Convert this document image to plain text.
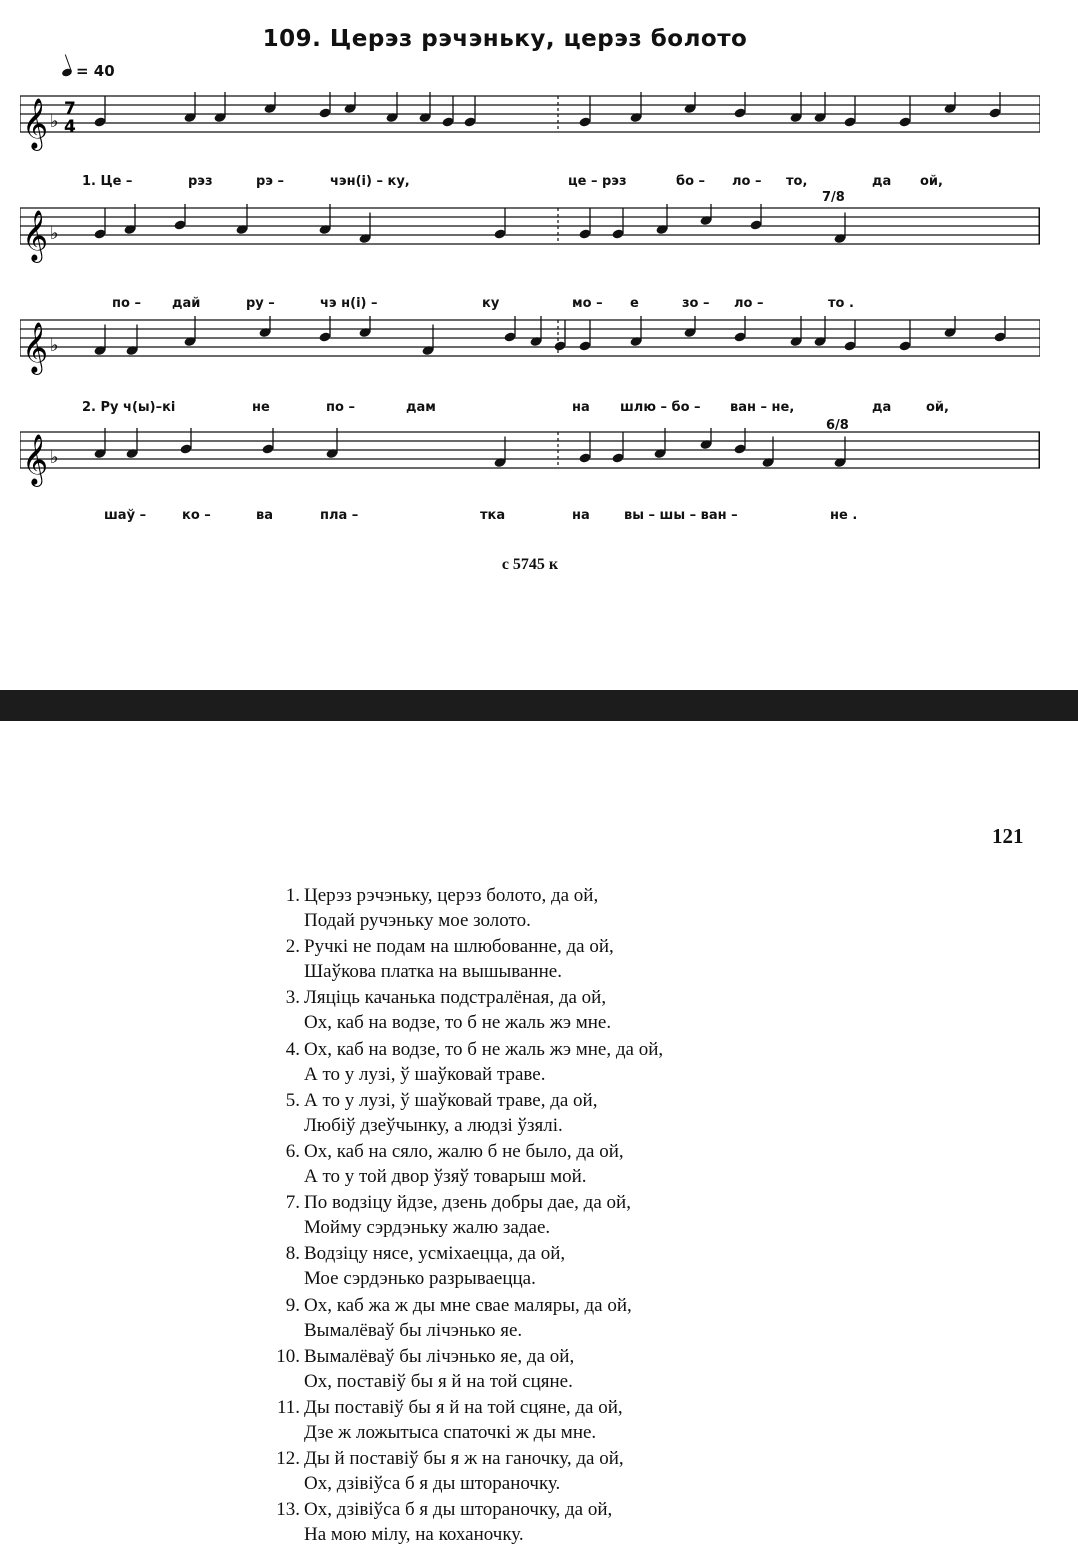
109. Церэз рэчэньку, церэз болото
= 40
𝄞 ♭
7
4
1. Це –	рэз	рэ –	чэн(і) – ку,	це – рэз	бо – ло – то,	да ой,
𝄞 ♭
7/8
по – дай	ру –	чэ н(і) –	ку	мо – е	зо – ло –	то .
𝄞 ♭
2. Ру ч(ы)–кі	не	по –	дам	на шлю – бо – ван – не,	да	ой,
𝄞 ♭
6/8
шаў –	ко –	ва	пла –	тка	на	вы – шы – ван –	не .
с 5745 к
121

1. Церэз рэчэньку, церэз болото, да ой,
Подай ручэньку мое золото.

2. Ручкі не подам на шлюбованне, да ой,
Шаўкова платка на вышыванне.

3. Ляціць качанька подстралёная, да ой,
Ох, каб на водзе, то б не жаль жэ мне.

4. Ох, каб на водзе, то б не жаль жэ мне, да ой,
А то у лузі, ў шаўковай траве.

5. А то у лузі, ў шаўковай траве, да ой,
Любіў дзеўчынку, а людзі ўзялі.

6. Ох, каб на сяло, жалю б не было, да ой,
А то у той двор ўзяў товарыш мой.

7. По водзіцу йдзе, дзень добры дае, да ой,
Мойму сэрдэньку жалю задае.

8. Водзіцу нясе, усміхаецца, да ой,
Мое сэрдэнько разрываецца.

9. Ох, каб жа ж ды мне свае маляры, да ой,
Вымалёваў бы лічэнько яе.

10. Вымалёваў бы лічэнько яе, да ой,
Ох, поставіў бы я й на той сцяне.

11. Ды поставіў бы я й на той сцяне, да ой,
Дзе ж ложытыса спаточкі ж ды мне.

12. Ды й поставіў бы я ж на ганочку, да ой,
Ох, дзівіўса б я ды штораночку.

13. Ох, дзівіўса б я ды штораночку, да ой,
На мою мілу, на коханочку.
